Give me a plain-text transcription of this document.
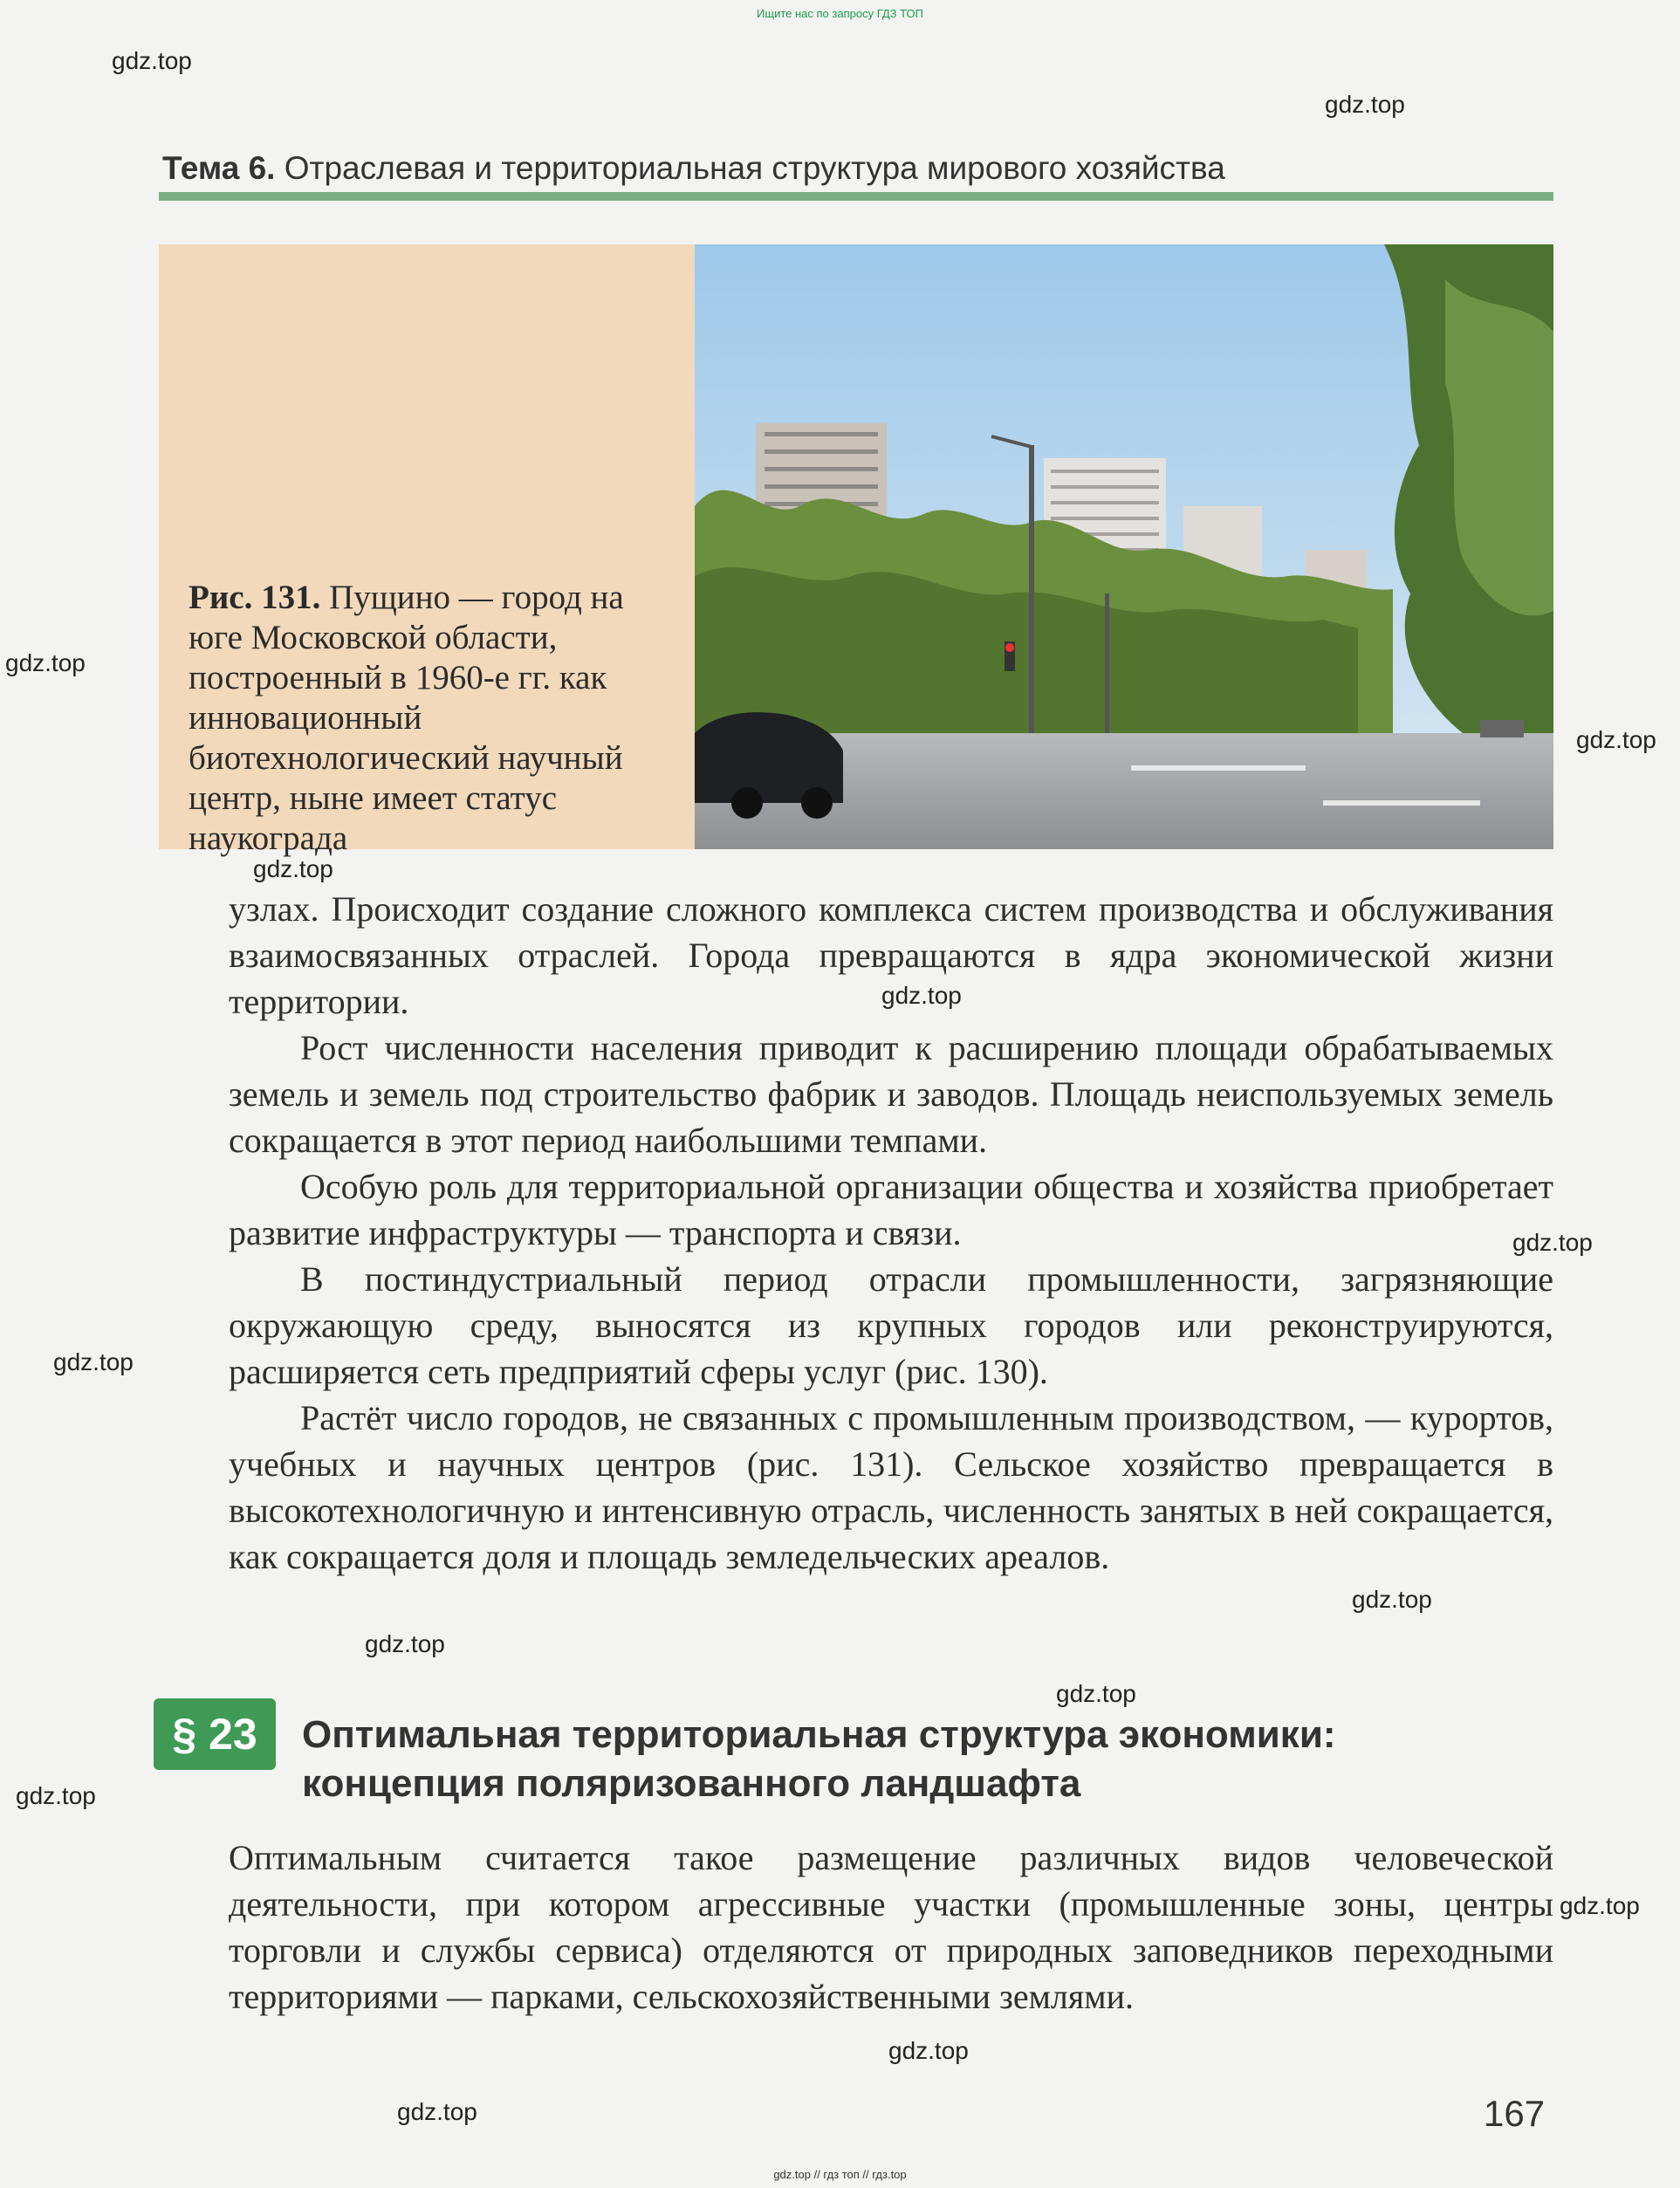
Ищите нас по запросу ГДЗ ТОП
gdz.top
gdz.top
gdz.top
gdz.top
gdz.top
gdz.top
gdz.top
gdz.top
gdz.top
gdz.top
gdz.top
gdz.top
gdz.top
gdz.top
gdz.top
Тема 6. Отраслевая и территориальная структура мирового хозяйства
Рис. 131. Пущино — город на юге Московской области, построенный в 1960-е гг. как инновационный биотехнологический научный центр, ныне имеет статус наукограда

узлах. Происходит создание сложного комплекса систем производства и обслуживания взаимосвязанных отраслей. Города превращаются в ядра экономической жизни территории.

Рост численности населения приводит к расширению площади обрабатываемых земель и земель под строительство фабрик и заводов. Площадь неиспользуемых земель сокращается в этот период наибольшими темпами.

Особую роль для территориальной организации общества и хозяйства приобретает развитие инфраструктуры — транспорта и связи.

В постиндустриальный период отрасли промышленности, загрязняющие окружающую среду, выносятся из крупных городов или реконструируются, расширяется сеть предприятий сферы услуг (рис. 130).

Растёт число городов, не связанных с промышленным производством, — курортов, учебных и научных центров (рис. 131). Сельское хозяйство превращается в высокотехнологичную и интенсивную отрасль, численность занятых в ней сокращается, как сокращается доля и площадь земледельческих ареалов.

§ 23	Оптимальная территориальная структура экономики:
концепция поляризованного ландшафта

Оптимальным считается такое размещение различных видов человеческой деятельности, при котором агрессивные участки (промышленные зоны, центры торговли и службы сервиса) отделяются от природных заповедников переходными территориями — парками, сельскохозяйственными землями.

167
gdz.top // гдз топ // гдз.top
